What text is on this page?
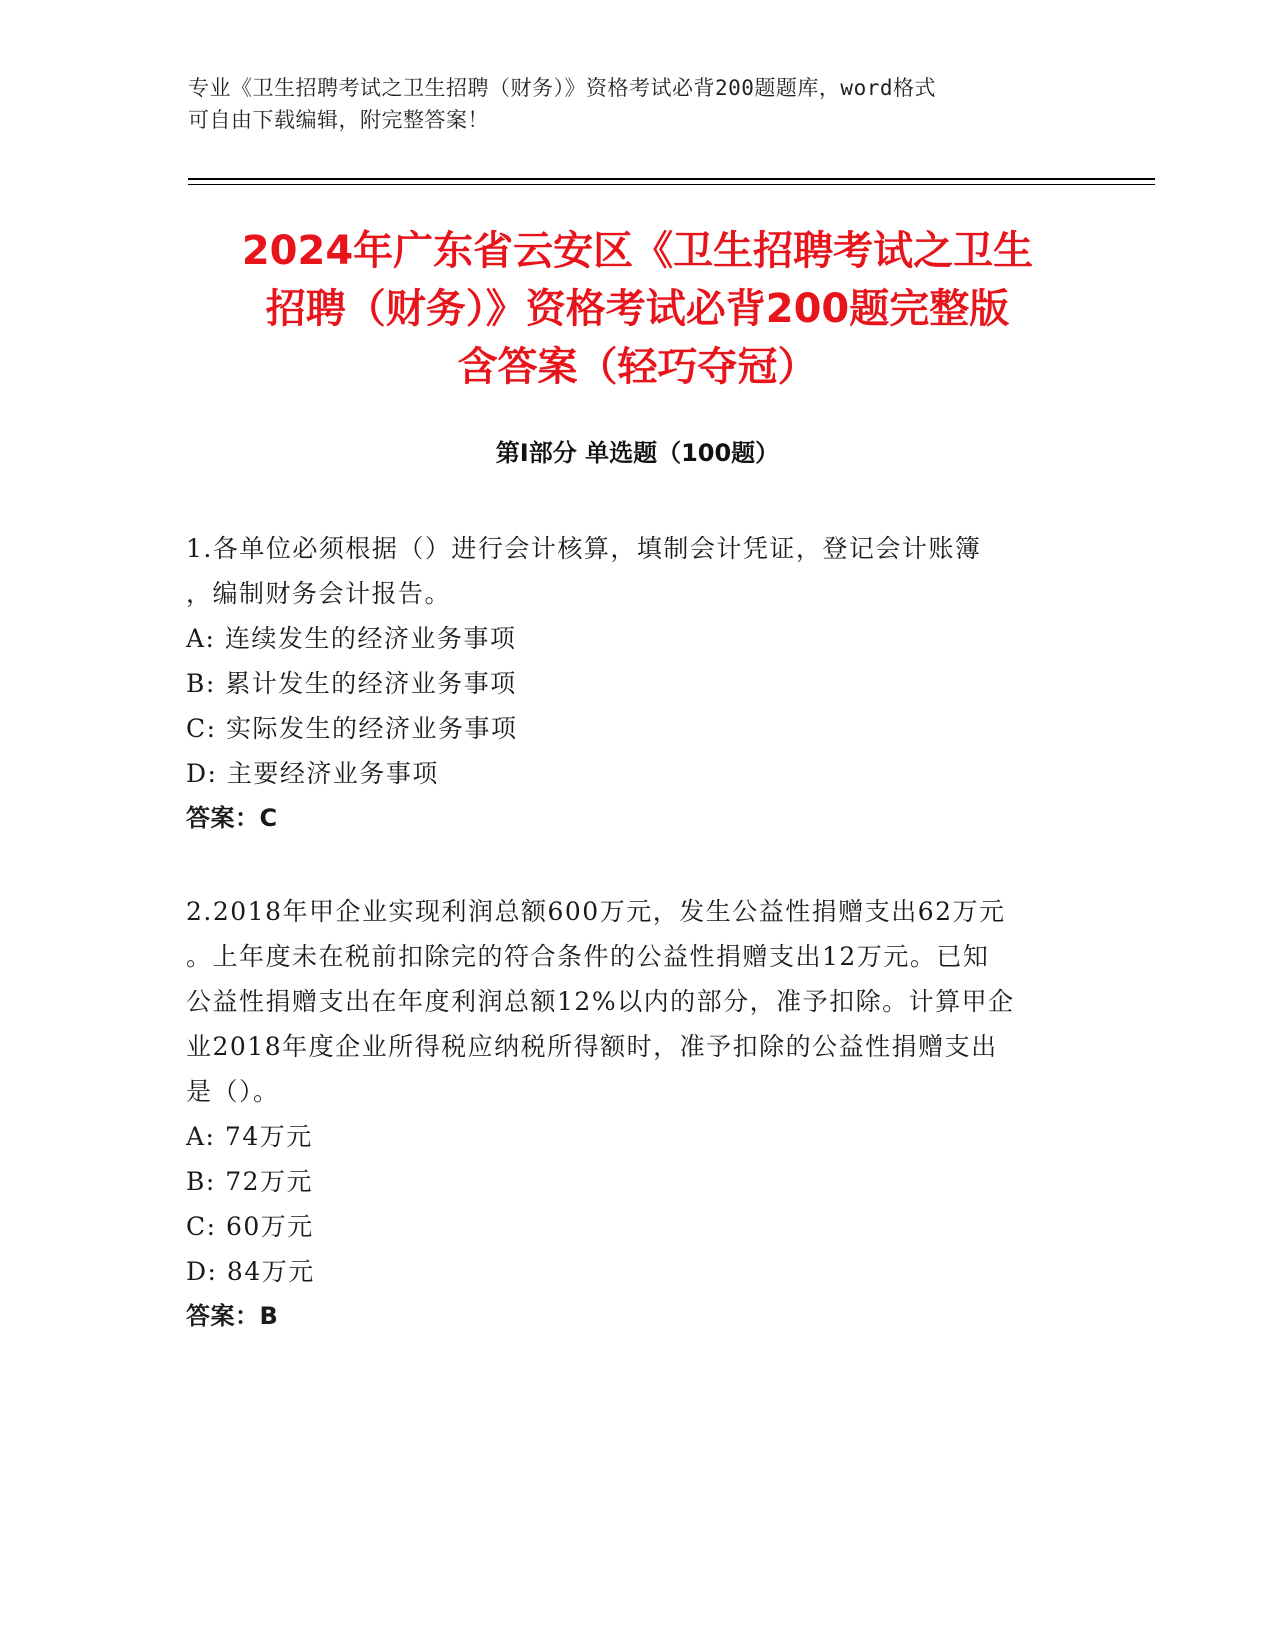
专业《卫生招聘考试之卫生招聘（财务）》资格考试必背200题题库，word格式
可自由下载编辑，附完整答案！
2024年广东省云安区《卫生招聘考试之卫生
招聘（财务）》资格考试必背200题完整版
含答案（轻巧夺冠）
第Ⅰ部分 单选题（100题）
1.各单位必须根据（）进行会计核算，填制会计凭证，登记会计账簿
，编制财务会计报告。
A: 连续发生的经济业务事项
B: 累计发生的经济业务事项
C: 实际发生的经济业务事项
D: 主要经济业务事项
答案：C
2.2018年甲企业实现利润总额600万元，发生公益性捐赠支出62万元
。上年度未在税前扣除完的符合条件的公益性捐赠支出12万元。已知
公益性捐赠支出在年度利润总额12%以内的部分，准予扣除。计算甲企
业2018年度企业所得税应纳税所得额时，准予扣除的公益性捐赠支出
是（）。
A: 74万元
B: 72万元
C: 60万元
D: 84万元
答案：B
